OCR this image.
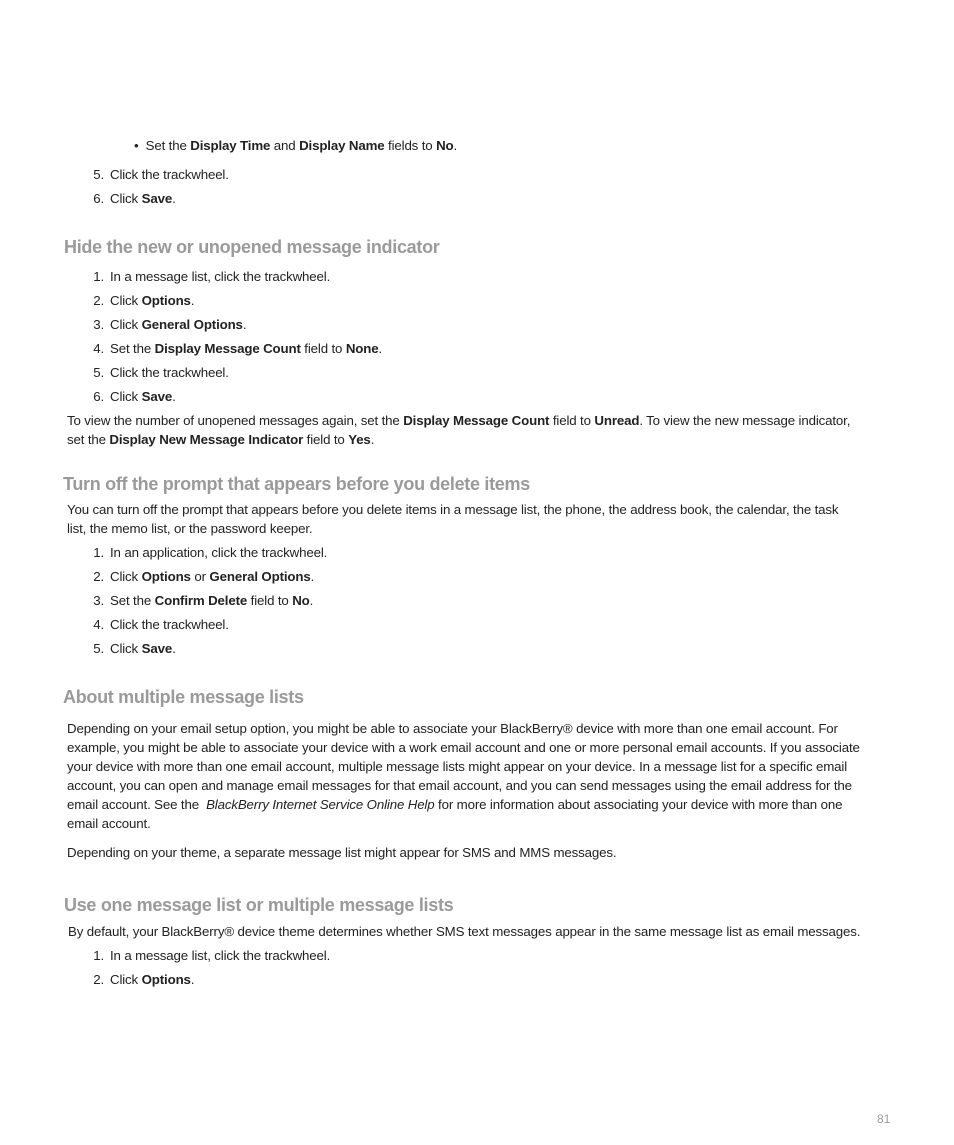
• Set the Display Time and Display Name fields to No.
5. Click the trackwheel.
6. Click Save.
Hide the new or unopened message indicator
1. In a message list, click the trackwheel.
2. Click Options.
3. Click General Options.
4. Set the Display Message Count field to None.
5. Click the trackwheel.
6. Click Save.
To view the number of unopened messages again, set the Display Message Count field to Unread. To view the new message indicator,
set the Display New Message Indicator field to Yes.
Turn off the prompt that appears before you delete items
You can turn off the prompt that appears before you delete items in a message list, the phone, the address book, the calendar, the task
list, the memo list, or the password keeper.
1. In an application, click the trackwheel.
2. Click Options or General Options.
3. Set the Confirm Delete field to No.
4. Click the trackwheel.
5. Click Save.
About multiple message lists
Depending on your email setup option, you might be able to associate your BlackBerry® device with more than one email account. For
example, you might be able to associate your device with a work email account and one or more personal email accounts. If you associate
your device with more than one email account, multiple message lists might appear on your device. In a message list for a specific email
account, you can open and manage email messages for that email account, and you can send messages using the email address for the
email account. See the  BlackBerry Internet Service Online Help for more information about associating your device with more than one
email account.
Depending on your theme, a separate message list might appear for SMS and MMS messages.
Use one message list or multiple message lists
By default, your BlackBerry® device theme determines whether SMS text messages appear in the same message list as email messages.
1. In a message list, click the trackwheel.
2. Click Options.
81
